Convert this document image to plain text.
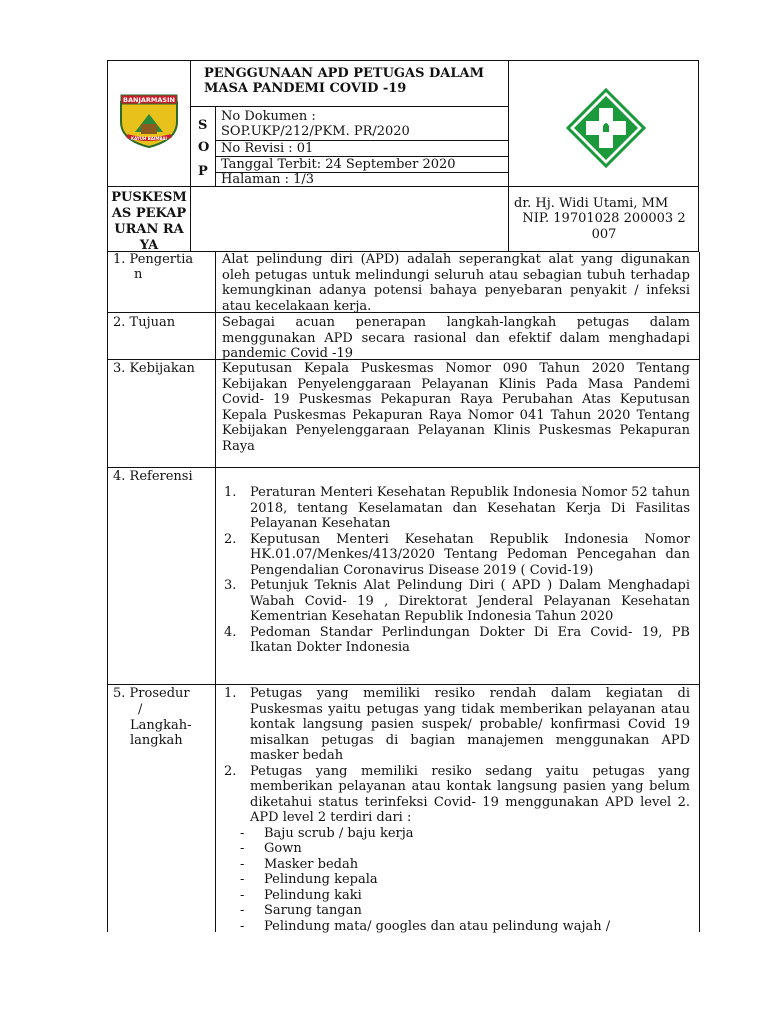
BANJARMASIN
KAYUH BAIMBAI
PENGGUNAAN APD PETUGAS DALAM
MASA PANDEMI COVID -19
S
O
P
No Dokumen :
SOP.UKP/212/PKM. PR/2020
No Revisi : 01
Tanggal Terbit: 24 September 2020
Halaman : 1/3
PUSKESMAS PEKAPURAN RAYA
dr. Hj. Widi Utami, MM
NIP. 19701028 200003 2 007
1. Pengertia
n
Alat pelindung diri (APD) adalah seperangkat alat yang digunakan oleh petugas untuk melindungi seluruh atau sebagian tubuh terhadap kemungkinan adanya potensi bahaya penyebaran penyakit / infeksi atau kecelakaan kerja.
2. Tujuan	Sebagai acuan penerapan langkah-langkah petugas dalam menggunakan APD secara rasional dan efektif dalam menghadapi pandemic Covid -19
3. Kebijakan Keputusan Kepala Puskesmas Nomor 090 Tahun 2020 Tentang Kebijakan Penyelenggaraan Pelayanan Klinis Pada Masa Pandemi Covid- 19 Puskesmas Pekapuran Raya Perubahan Atas Keputusan Kepala Puskesmas Pekapuran Raya Nomor 041 Tahun 2020 Tentang Kebijakan Penyelenggaraan Pelayanan Klinis Puskesmas Pekapuran Raya
4. Referensi
1. Peraturan Menteri Kesehatan Republik Indonesia Nomor 52 tahun 2018, tentang Keselamatan dan Kesehatan Kerja Di Fasilitas Pelayanan Kesehatan
2. Keputusan Menteri Kesehatan Republik Indonesia Nomor HK.01.07/Menkes/413/2020 Tentang Pedoman Pencegahan dan Pengendalian Coronavirus Disease 2019 ( Covid-19)
3. Petunjuk Teknis Alat Pelindung Diri ( APD ) Dalam Menghadapi Wabah Covid- 19 , Direktorat Jenderal Pelayanan Kesehatan Kementrian Kesehatan Republik Indonesia Tahun 2020
4. Pedoman Standar Perlindungan Dokter Di Era Covid- 19, PB Ikatan Dokter Indonesia
5. Prosedur
/
Langkah-
langkah
1. Petugas yang memiliki resiko rendah dalam kegiatan di Puskesmas yaitu petugas yang tidak memberikan pelayanan atau kontak langsung pasien suspek/ probable/ konfirmasi Covid 19 misalkan petugas di bagian manajemen menggunakan APD masker bedah
2. Petugas yang memiliki resiko sedang yaitu petugas yang memberikan pelayanan atau kontak langsung pasien yang belum diketahui status terinfeksi Covid- 19 menggunakan APD level 2. APD level 2 terdiri dari :
- Baju scrub / baju kerja
- Gown
- Masker bedah
- Pelindung kepala
- Pelindung kaki
- Sarung tangan
- Pelindung mata/ googles dan atau pelindung wajah /
